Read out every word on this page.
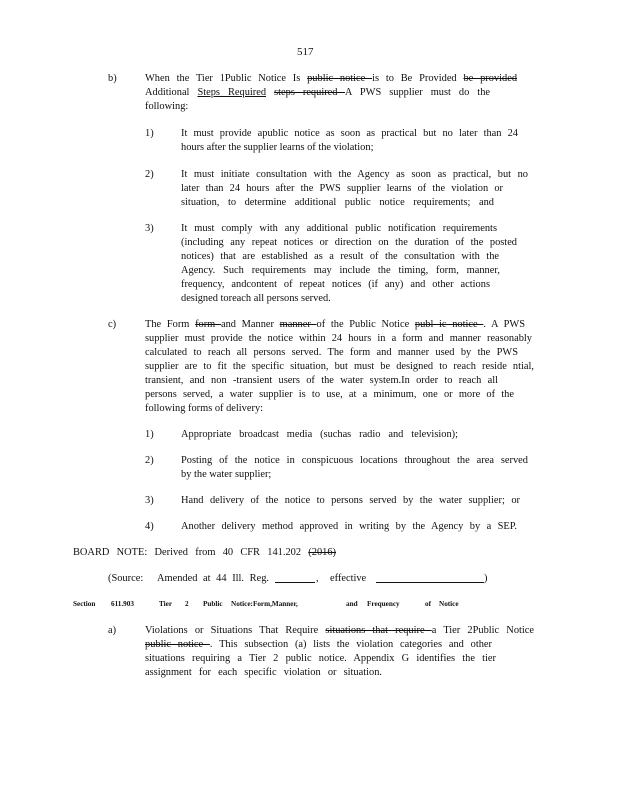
517
b)	When the Tier 1Public Notice Is public notice is to Be Provided be provided
Additional Steps Required steps required A PWS supplier must do the
following:
1)	It must provide apublic notice as soon as practical but no later than 24
hours after the supplier learns of the violation;
2)	It must initiate consultation with the Agency as soon as practical, but no
later than 24 hours after the PWS supplier learns of the violation or
situation, to determine additional public notice requirements; and
3)	It must comply with any additional public notification requirements
(including any repeat notices or direction on the duration of the posted
notices) that are established as a result of the consultation with the
Agency. Such requirements may include the timing, form, manner,
frequency, andcontent of repeat notices (if any) and other actions
designed toreach all persons served.
c)	The Form form and Manner manner of the Public Notice publ ic notice . A PWS
supplier must provide the notice within 24 hours in a form and manner reasonably
calculated to reach all persons served. The form and manner used by the PWS
supplier are to fit the specific situation, but must be designed to reach reside ntial,
transient, and non -transient users of the water system.In order to reach all
persons served, a water supplier is to use, at a minimum, one or more of the
following forms of delivery:
1)	Appropriate broadcast media (suchas radio and television);
2)	Posting of the notice in conspicuous locations throughout the area served
by the water supplier;
3)	Hand delivery of the notice to persons served by the water supplier; or
4)	Another delivery method approved in writing by the Agency by a SEP.
BOARD NOTE: Derived from 40 CFR 141.202 (2016)
(Source: Amended at 44 Ill. Reg.	, effective	)
Section 611.903	Tier 2 Public Notice:Form,Manner,	and Frequency	of Notice
a)	Violations or Situations That Require situations that require a Tier 2Public Notice
public notice . This subsection (a) lists the violation categories and other
situations requiring a Tier 2 public notice. Appendix G identifies the tier
assignment for each specific violation or situation.
